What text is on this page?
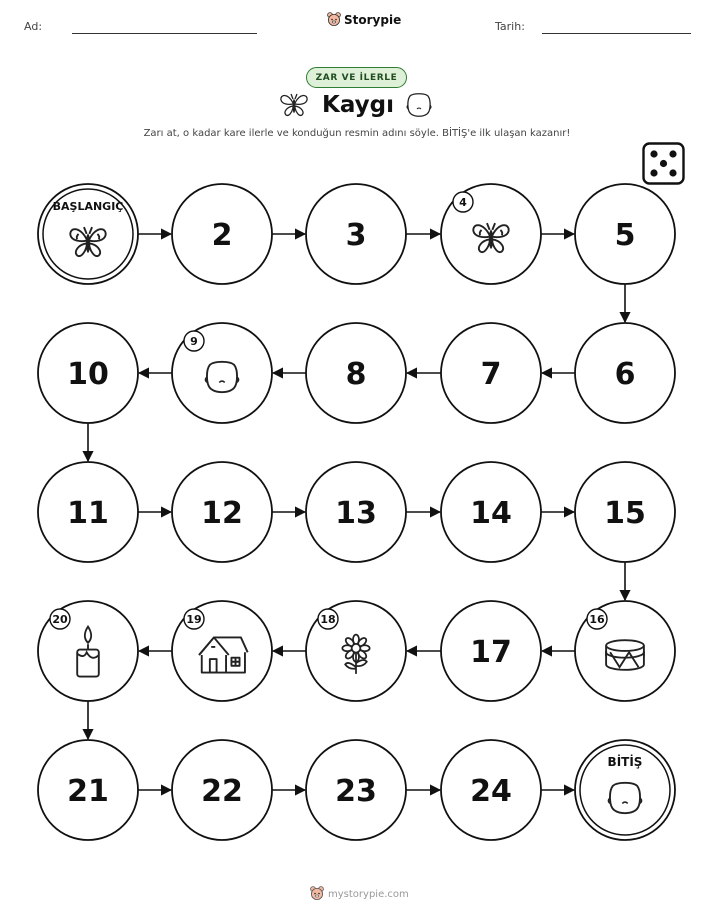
Ad:	Storypie	Tarih:
ZAR VE İLERLE
Kaygı
Zarı at, o kadar kare ilerle ve konduğun resmin adını söyle. BİTİŞ'e ilk ulaşan kazanır!
BAŞLANGIÇ
2	3
4
5
6
7
8
9
10
11	12	13	14	15
16
17
18
19
20
21	22	23	24
BİTİŞ
mystorypie.com
